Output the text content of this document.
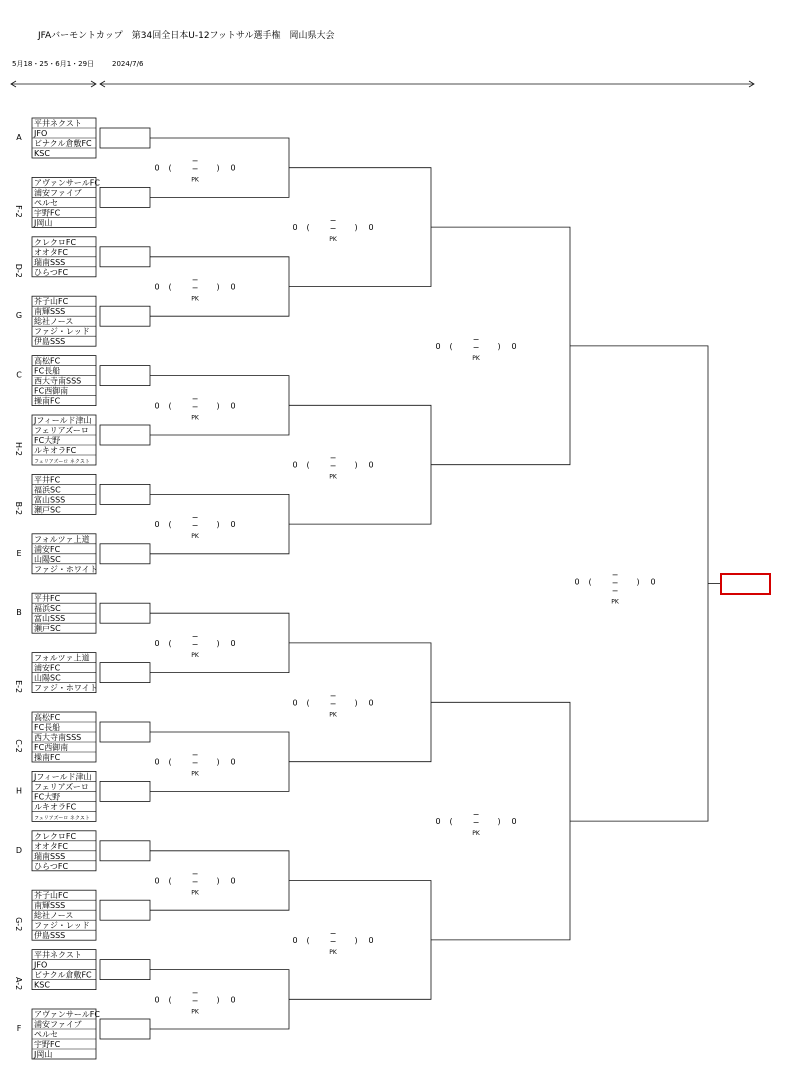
JFAバーモントカップ　第34回全日本U-12フットサル選手権　岡山県大会
5月18・25・6月1・29日	2024/7/6
平井ネクスト
JFO
ビナクル倉敷FC
KSC
A
アヴァンサールFC
浦安ファイブ
ペルセ
宇野FC
J岡山
F-2
クレクロFC
オオタFC
瑞南SSS
ひらつFC
D-2
芥子山FC
南輝SSS
総社ノース
ファジ・レッド
伊島SSS
G
高松FC
FC長船
西大寺南SSS
FC西御南
操南FC
C
Jフィールド津山
フェリアズーロ
FC大野
ルキオラFC
フェリアズーロ ネクスト
H-2
平井FC
福浜SC
富山SSS
瀬戸SC
B-2
フォルツァ上道
浦安FC
山陽SC
ファジ・ホワイト
E
平井FC
福浜SC
富山SSS
瀬戸SC
B
フォルツァ上道
浦安FC
山陽SC
ファジ・ホワイト
E-2
高松FC
FC長船
西大寺南SSS
FC西御南
操南FC
C-2
Jフィールド津山
フェリアズーロ
FC大野
ルキオラFC
フェリアズーロ ネクスト
H
クレクロFC
オオタFC
瑞南SSS
ひらつFC
D
芥子山FC
南輝SSS
総社ノース
ファジ・レッド
伊島SSS
G-2
平井ネクスト
JFO
ビナクル倉敷FC
KSC
A-2
アヴァンサールFC
浦安ファイブ
ペルセ
宇野FC
J岡山
F
0 (	) 0
−
−
PK
0 (	) 0
−
−
PK
0 (	) 0
−
−
PK
0 (	) 0
−
−
PK
0 (	) 0
−
−
PK
0 (	) 0
−
−
PK
0 (	) 0
−
−
PK
0 (	) 0
−
−
PK
0 (	) 0
−
−
PK
0 (	) 0
−
−
PK
0 (	) 0
−
−
PK
0 (	) 0
−
−
PK
0 (	) 0
−
−
PK
0 (	) 0
−
−
PK
0 (	) 0
−
−
−
PK
